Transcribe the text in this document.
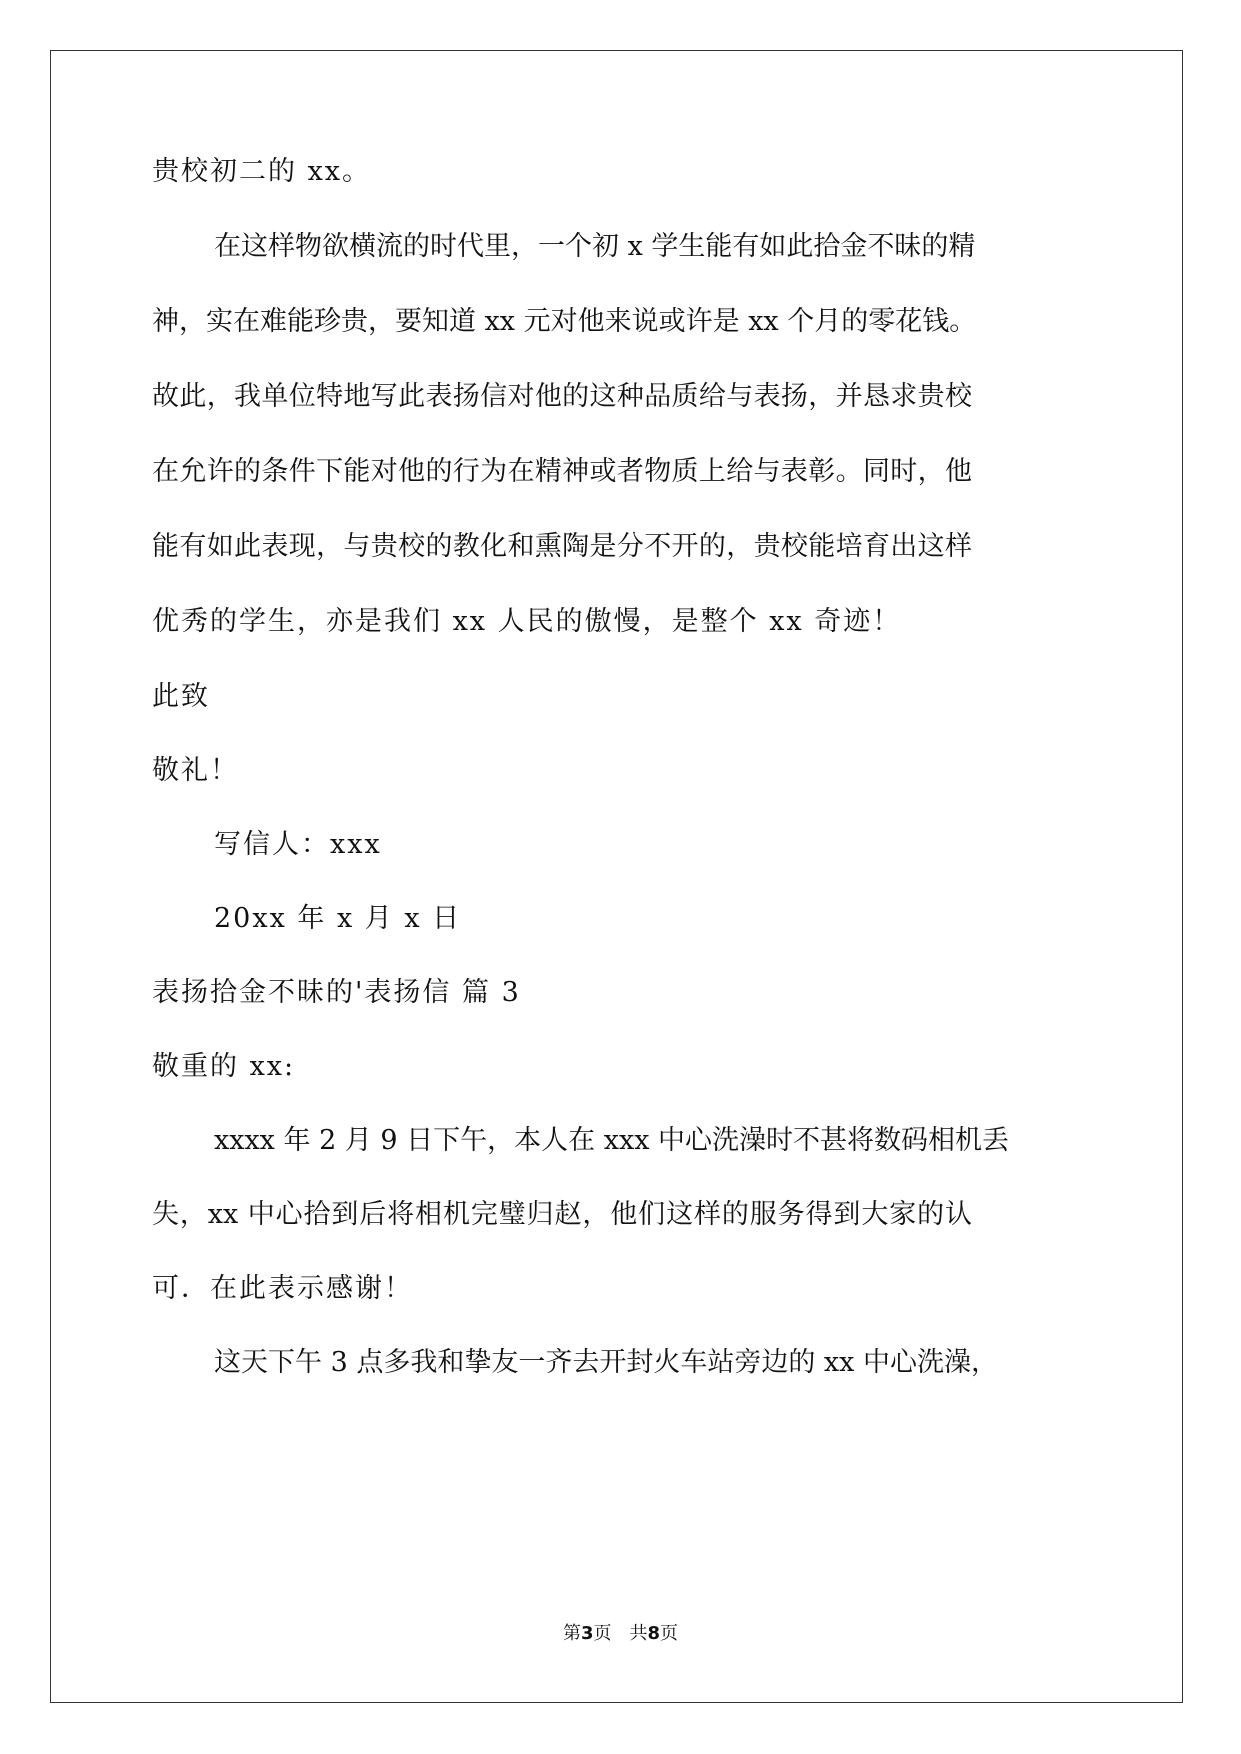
贵校初二的 xx。
在这样物欲横流的时代里，一个初 x 学生能有如此拾金不昧的精
神，实在难能珍贵，要知道 xx 元对他来说或许是 xx 个月的零花钱。
故此，我单位特地写此表扬信对他的这种品质给与表扬，并恳求贵校
在允许的条件下能对他的行为在精神或者物质上给与表彰。同时，他
能有如此表现，与贵校的教化和熏陶是分不开的，贵校能培育出这样
优秀的学生，亦是我们 xx 人民的傲慢，是整个 xx 奇迹！
此致
敬礼！
写信人：xxx
20xx 年 x 月 x 日
表扬拾金不昧的'表扬信 篇 3
敬重的 xx:
xxxx 年 2 月 9 日下午，本人在 xxx 中心洗澡时不甚将数码相机丢
失，xx 中心拾到后将相机完璧归赵，他们这样的服务得到大家的认
可．在此表示感谢！
这天下午 3 点多我和挚友一齐去开封火车站旁边的 xx 中心洗澡，
第3页　共8页
